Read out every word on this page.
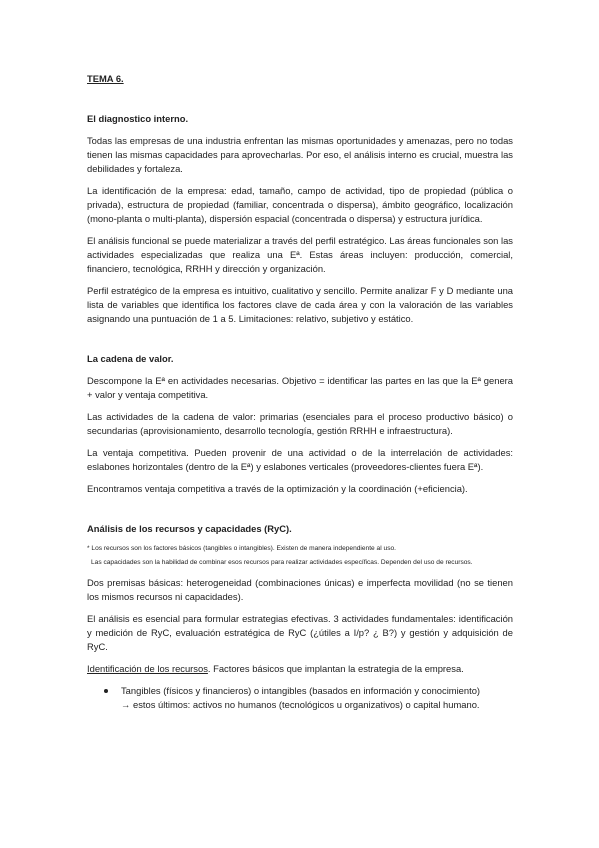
TEMA 6.
El diagnostico interno.

Todas las empresas de una industria enfrentan las mismas oportunidades y amenazas, pero no todas tienen las mismas capacidades para aprovecharlas. Por eso, el análisis interno es crucial, muestra las debilidades y fortaleza.

La identificación de la empresa: edad, tamaño, campo de actividad, tipo de propiedad (pública o privada), estructura de propiedad (familiar, concentrada o dispersa), ámbito geográfico, localización (mono-planta o multi-planta), dispersión espacial (concentrada o dispersa) y estructura jurídica.

El análisis funcional se puede materializar a través del perfil estratégico. Las áreas funcionales son las actividades especializadas que realiza una Eª. Estas áreas incluyen: producción, comercial, financiero, tecnológica, RRHH y dirección y organización.

Perfil estratégico de la empresa es intuitivo, cualitativo y sencillo. Permite analizar F y D mediante una lista de variables que identifica los factores clave de cada área y con la valoración de las variables asignando una puntuación de 1 a 5. Limitaciones: relativo, subjetivo y estático.

La cadena de valor.

Descompone la Eª en actividades necesarias. Objetivo = identificar las partes en las que la Eª genera + valor y ventaja competitiva.

Las actividades de la cadena de valor: primarias (esenciales para el proceso productivo básico) o secundarias (aprovisionamiento, desarrollo tecnología, gestión RRHH e infraestructura).

La ventaja competitiva. Pueden provenir de una actividad o de la interrelación de actividades: eslabones horizontales (dentro de la Eª) y eslabones verticales (proveedores-clientes fuera Eª).

Encontramos ventaja competitiva a través de la optimización y la coordinación (+eficiencia).

Análisis de los recursos y capacidades (RyC).
* Los recursos son los factores básicos (tangibles o intangibles). Existen de manera independiente al uso.
Las capacidades son la habilidad de combinar esos recursos para realizar actividades específicas. Dependen del uso de recursos.

Dos premisas básicas: heterogeneidad (combinaciones únicas) e imperfecta movilidad (no se tienen los mismos recursos ni capacidades).

El análisis es esencial para formular estrategias efectivas. 3 actividades fundamentales: identificación y medición de RyC, evaluación estratégica de RyC (¿útiles a I/p? ¿ B?) y gestión y adquisición de RyC.

Identificación de los recursos. Factores básicos que implantan la estrategia de la empresa.

Tangibles (físicos y financieros) o intangibles (basados en información y conocimiento)
→ estos últimos: activos no humanos (tecnológicos u organizativos) o capital humano.
